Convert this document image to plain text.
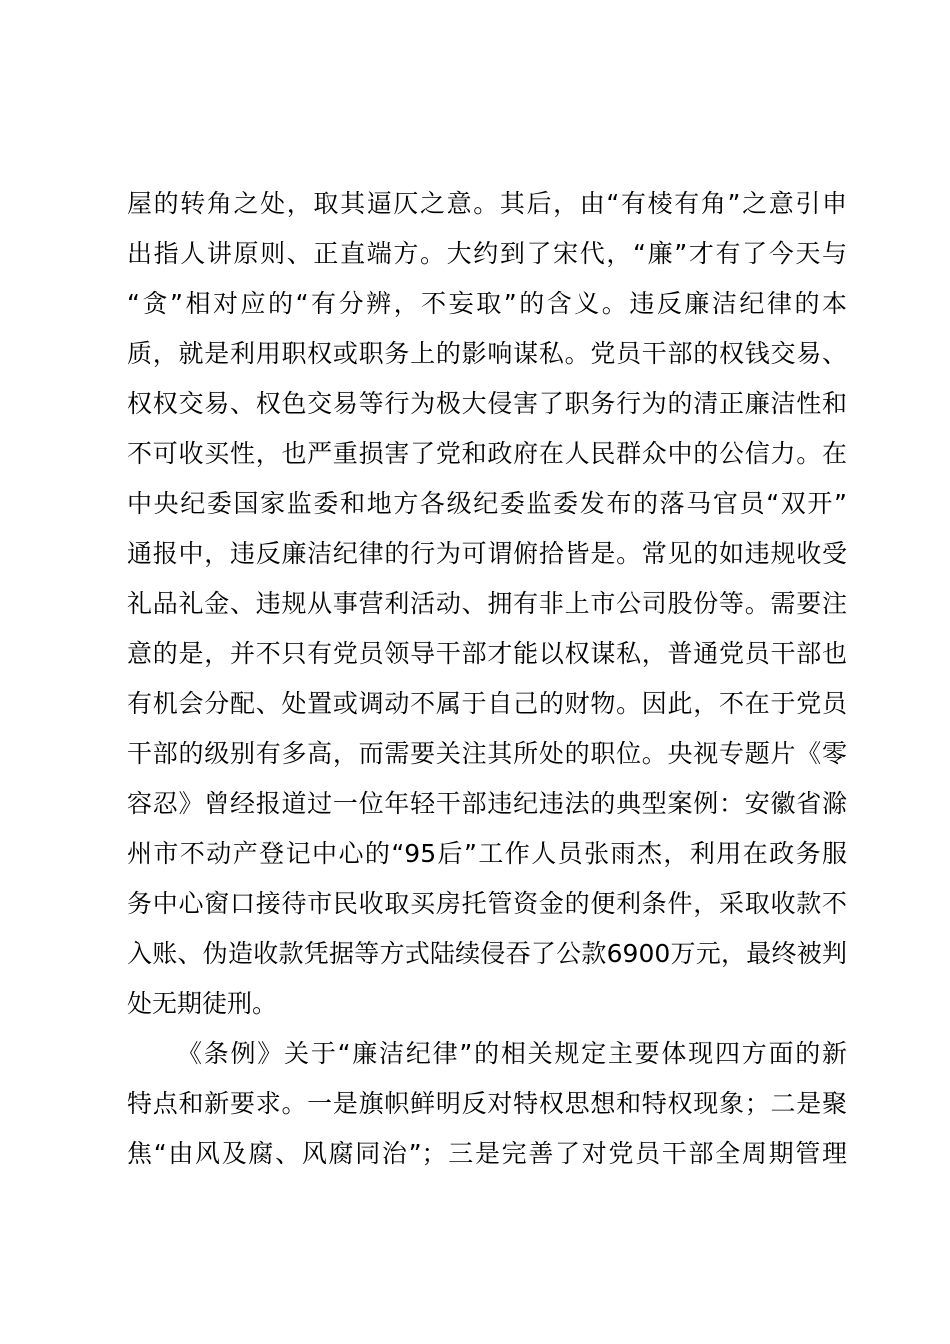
屋的转角之处，取其逼仄之意。其后，由“有棱有角”之意引申
出指人讲原则、正直端方。大约到了宋代，“廉”才有了今天与
“贪”相对应的“有分辨，不妄取”的含义。违反廉洁纪律的本
质，就是利用职权或职务上的影响谋私。党员干部的权钱交易、
权权交易、权色交易等行为极大侵害了职务行为的清正廉洁性和
不可收买性，也严重损害了党和政府在人民群众中的公信力。在
中央纪委国家监委和地方各级纪委监委发布的落马官员“双开”
通报中，违反廉洁纪律的行为可谓俯拾皆是。常见的如违规收受
礼品礼金、违规从事营利活动、拥有非上市公司股份等。需要注
意的是，并不只有党员领导干部才能以权谋私，普通党员干部也
有机会分配、处置或调动不属于自己的财物。因此，不在于党员
干部的级别有多高，而需要关注其所处的职位。央视专题片《零
容忍》曾经报道过一位年轻干部违纪违法的典型案例：安徽省滁
州市不动产登记中心的“95后”工作人员张雨杰，利用在政务服
务中心窗口接待市民收取买房托管资金的便利条件，采取收款不
入账、伪造收款凭据等方式陆续侵吞了公款6900万元，最终被判
处无期徒刑。
《条例》关于“廉洁纪律”的相关规定主要体现四方面的新
特点和新要求。一是旗帜鲜明反对特权思想和特权现象；二是聚
焦“由风及腐、风腐同治”；三是完善了对党员干部全周期管理
